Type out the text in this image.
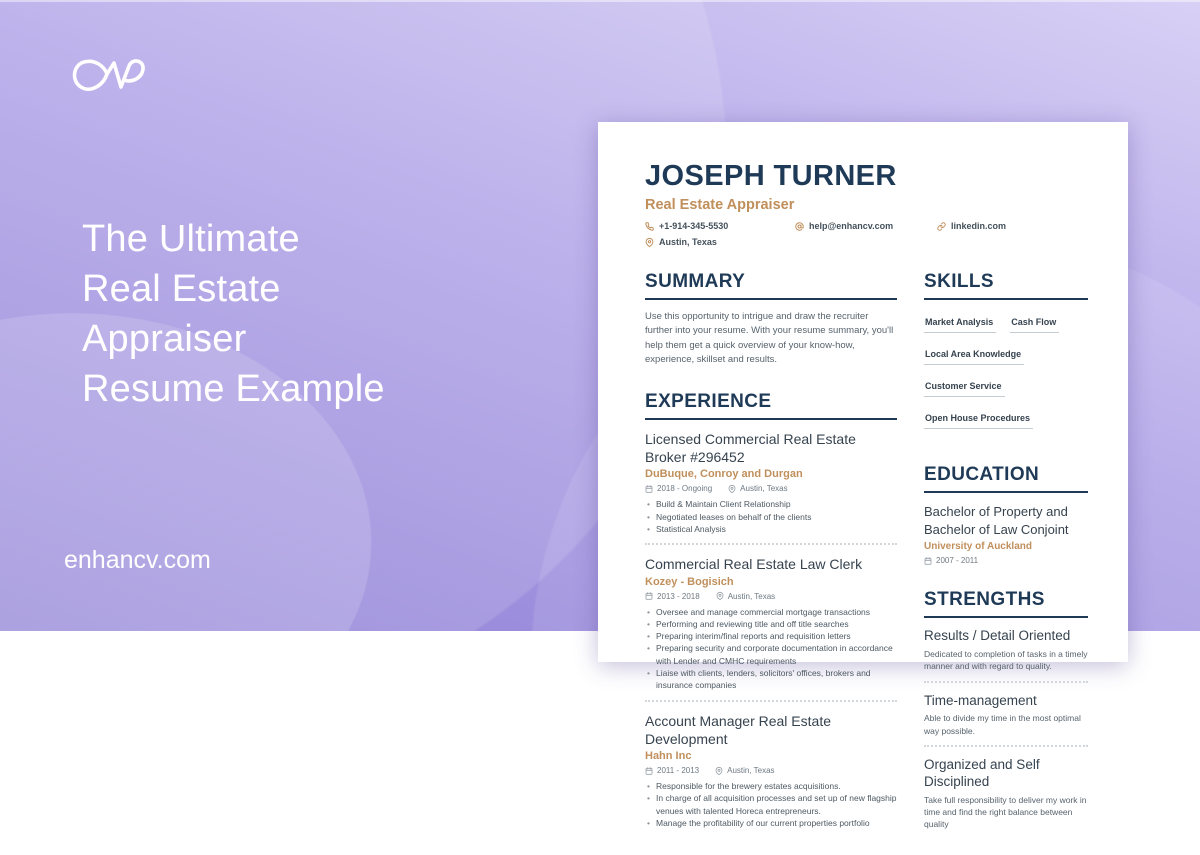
The Ultimate
Real Estate
Appraiser
Resume Example
enhancv.com
JOSEPH TURNER
Real Estate Appraiser
+1-914-345-5530
Austin, Texas
help@enhancv.com	linkedin.com
SUMMARY
Use this opportunity to intrigue and draw the recruiter further into your resume. With your resume summary, you'll help them get a quick overview of your know-how, experience, skillset and results.
EXPERIENCE
Licensed Commercial Real Estate Broker #296452
DuBuque, Conroy and Durgan
2018 - Ongoing	Austin, Texas
• Build & Maintain Client Relationship
• Negotiated leases on behalf of the clients
• Statistical Analysis
Commercial Real Estate Law Clerk
Kozey - Bogisich
2013 - 2018	Austin, Texas
• Oversee and manage commercial mortgage transactions
• Performing and reviewing title and off title searches
• Preparing interim/final reports and requisition letters
• Preparing security and corporate documentation in accordance with Lender and CMHC requirements
• Liaise with clients, lenders, solicitors' offices, brokers and insurance companies
Account Manager Real Estate Development
Hahn Inc
2011 - 2013	Austin, Texas
• Responsible for the brewery estates acquisitions.
• In charge of all acquisition processes and set up of new flagship venues with talented Horeca entrepreneurs.
• Manage the profitability of our current properties portfolio
SKILLS
Market Analysis Cash FlowLocal Area KnowledgeCustomer ServiceOpen House Procedures
EDUCATION
Bachelor of Property and Bachelor of Law Conjoint
University of Auckland
2007 - 2011
STRENGTHS
Results / Detail Oriented
Dedicated to completion of tasks in a timely manner and with regard to quality.
Time-management
Able to divide my time in the most optimal way possible.
Organized and Self Disciplined
Take full responsibility to deliver my work in time and find the right balance between quality
